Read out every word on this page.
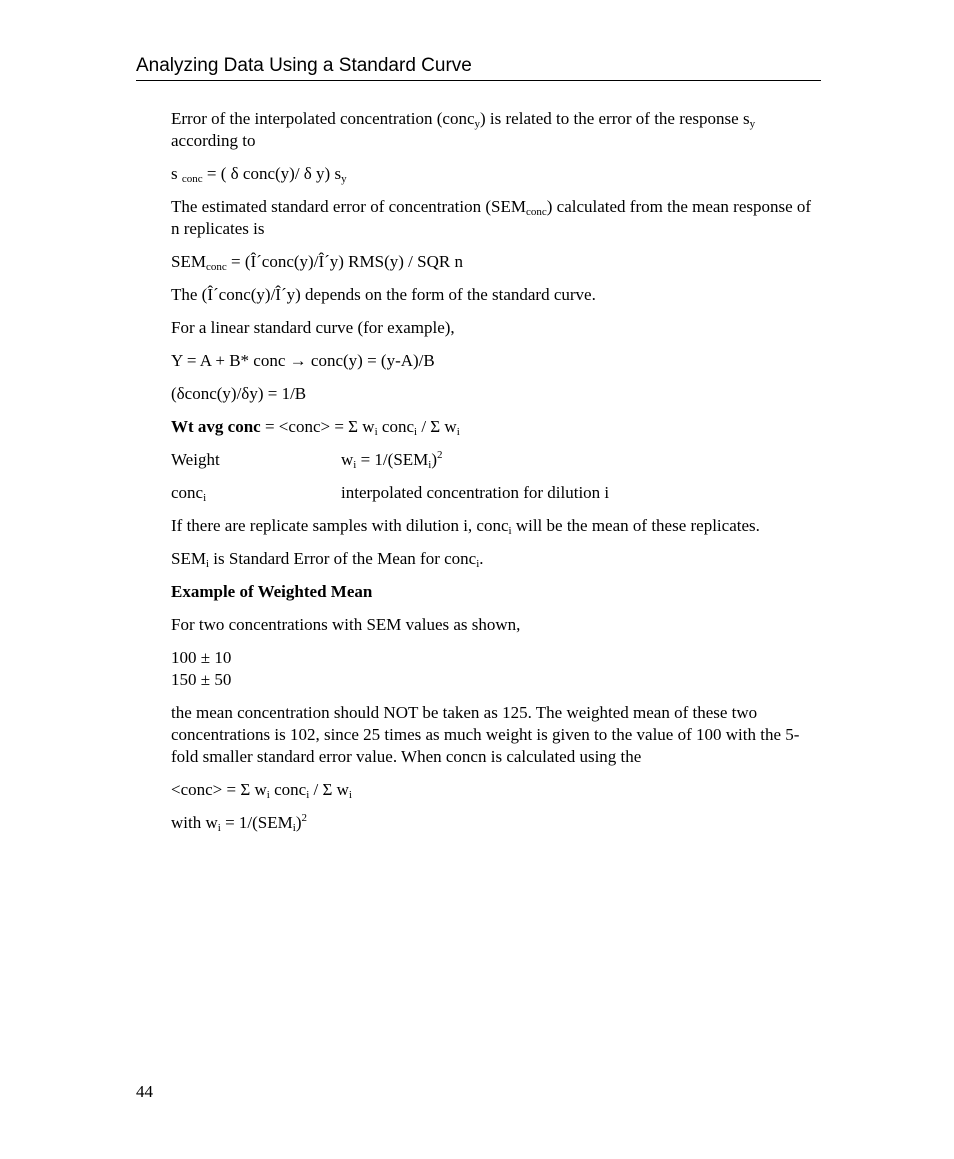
Analyzing Data Using a Standard Curve

Error of the interpolated concentration (conc$_y$) is related to the error of the response $s_y$ according to

s $_{conc}$ = ( δ conc(y)/ δ y) $s_y$

The estimated standard error of concentration $(SEM_{conc})$ calculated from the mean response of n replicates is

$SEM_{conc}$ = (Î´conc(y)/Î´y) RMS(y) / SQR n

The (Î´conc(y)/Î´y) depends on the form of the standard curve.

For a linear standard curve (for example),

Y = A + B* conc → conc(y) = (y-A)/B

(δconc(y)/δy) = 1/B

Wt avg conc = <conc> = Σ $w_i$ conc$_i$ / Σ $w_i$

Weight	$w_i = 1/(SEM_i)^2$
conc$_i$	interpolated concentration for dilution i

If there are replicate samples with dilution i, conc$_i$ will be the mean of these replicates.

$SEM_i$ is Standard Error of the Mean for conc$_i$.

Example of Weighted Mean

For two concentrations with SEM values as shown,

100 ± 10
150 ± 50

the mean concentration should NOT be taken as 125. The weighted mean of these two concentrations is 102, since 25 times as much weight is given to the value of 100 with the 5-fold smaller standard error value. When concn is calculated using the

<conc> = Σ $w_i$ conc$_i$ / Σ $w_i$

with $w_i = 1/(SEM_i)^2$

44
